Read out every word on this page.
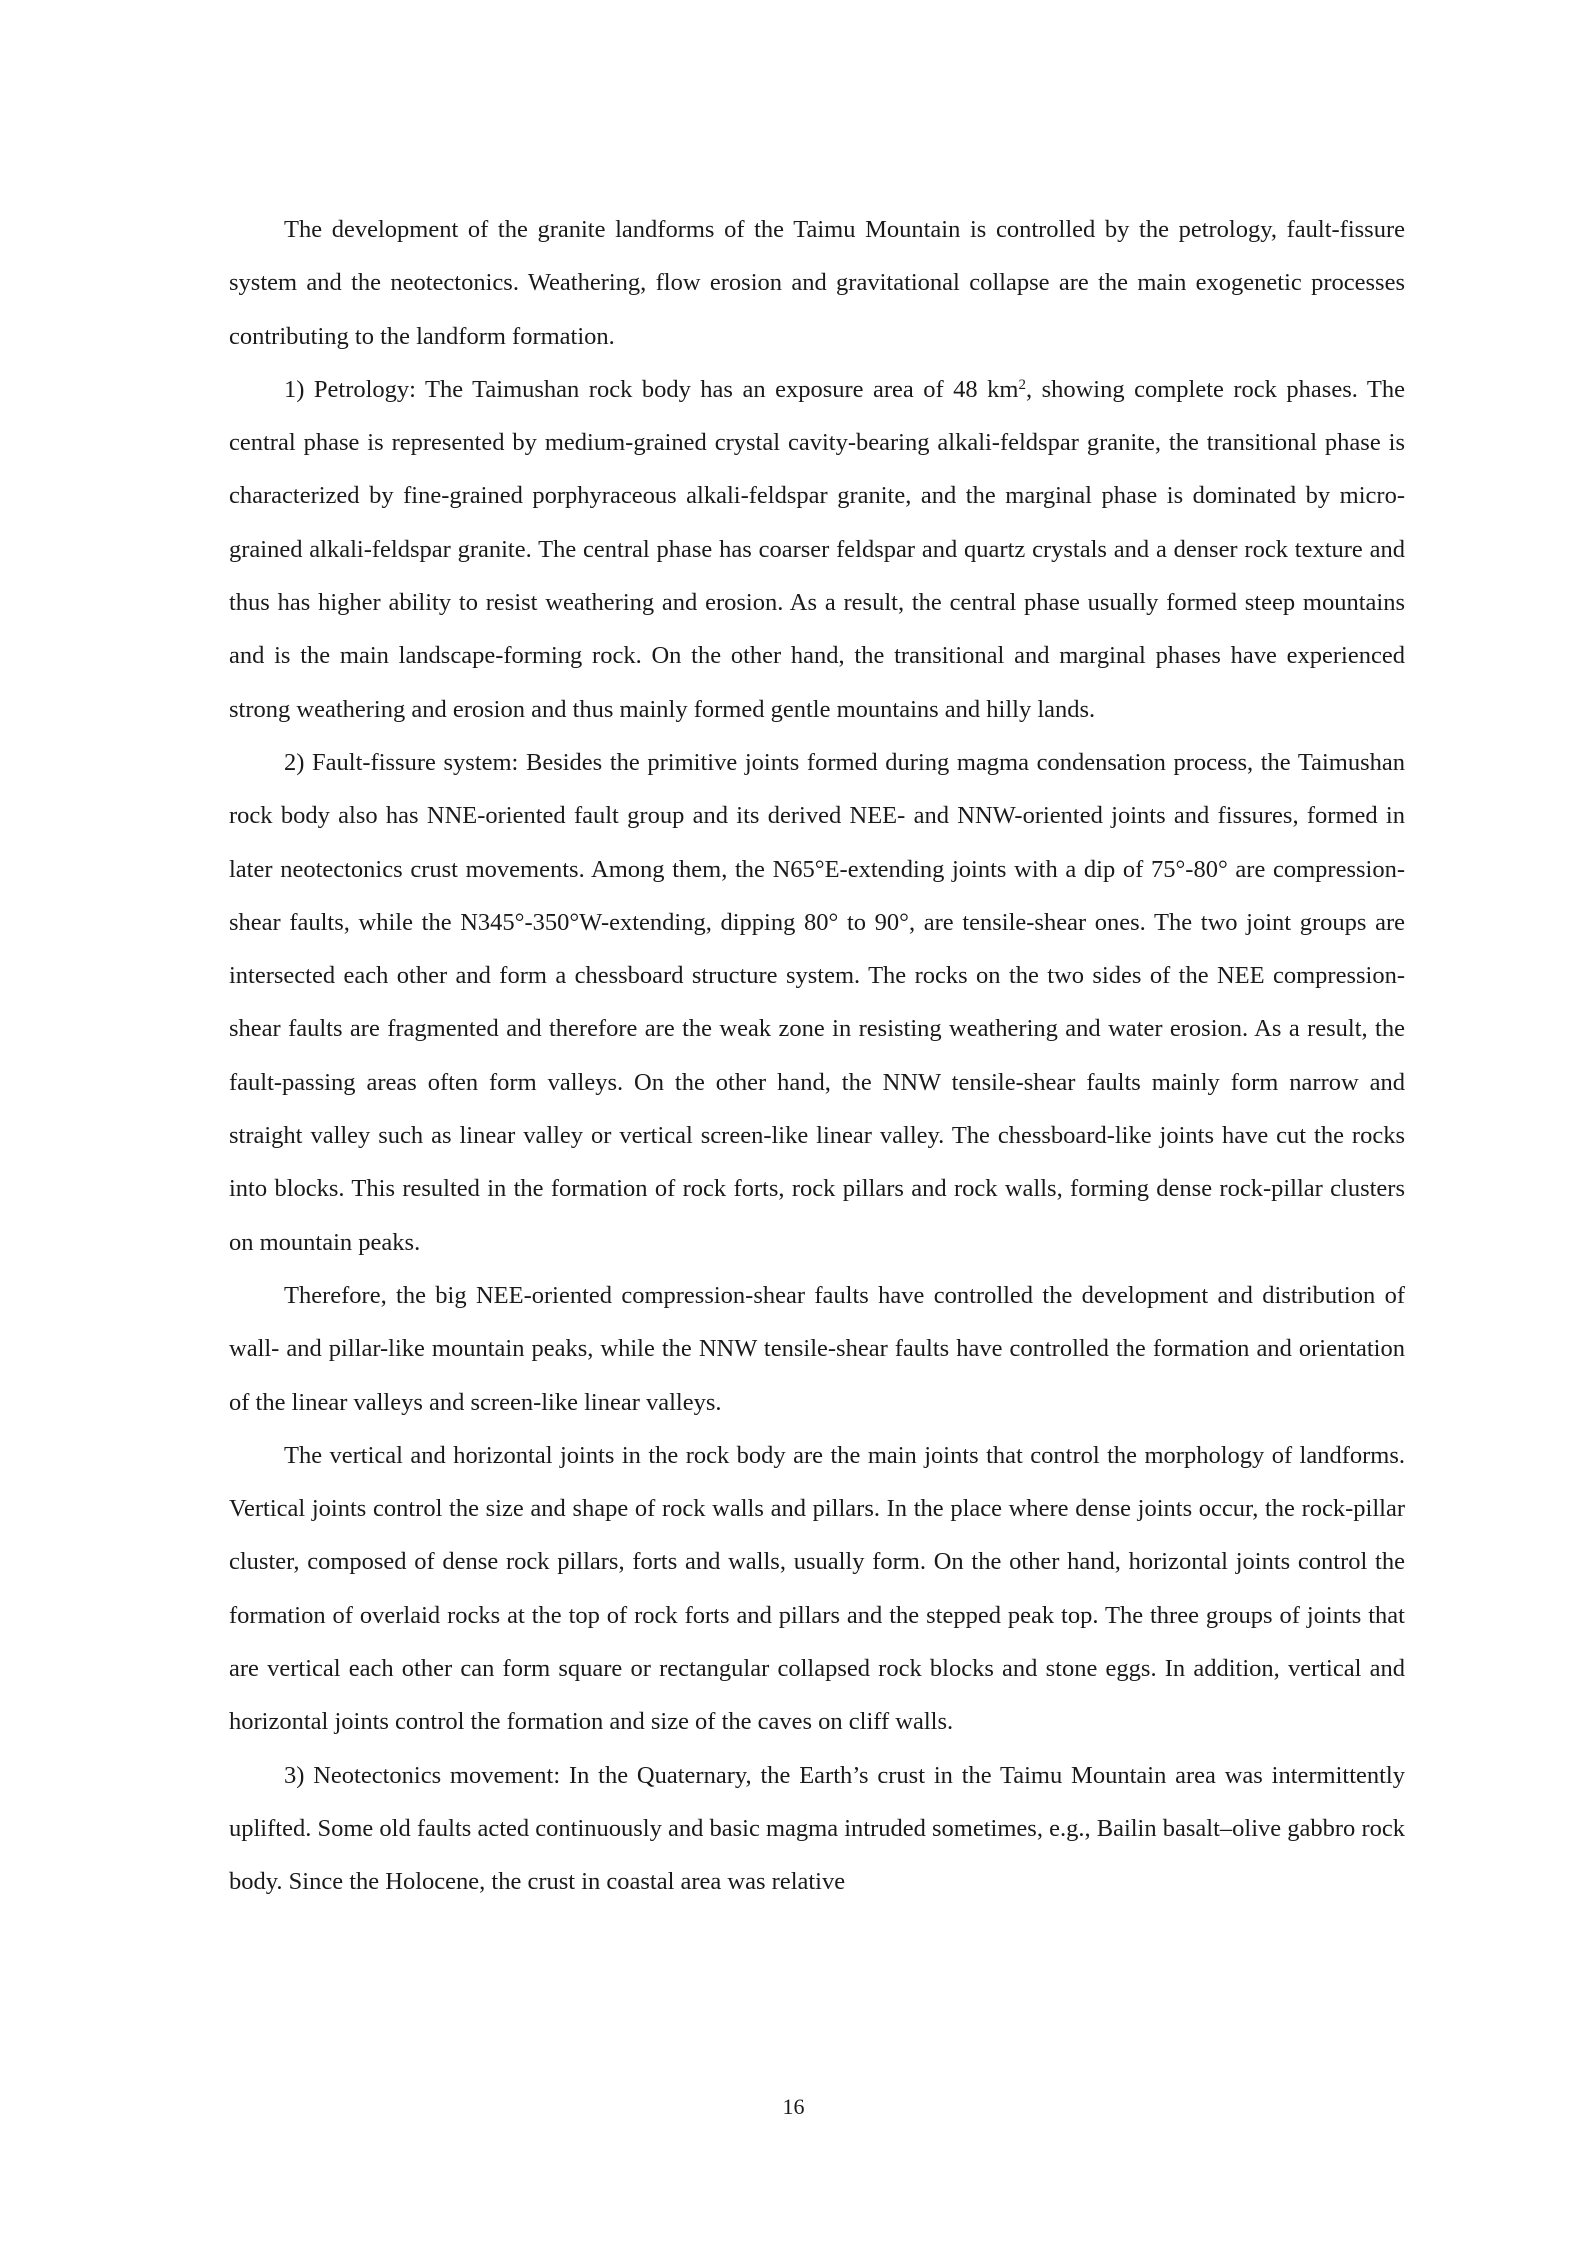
The development of the granite landforms of the Taimu Mountain is controlled by the petrology, fault-fissure system and the neotectonics. Weathering, flow erosion and gravitational collapse are the main exogenetic processes contributing to the landform formation.

1) Petrology: The Taimushan rock body has an exposure area of 48 $km^2$, showing complete rock phases. The central phase is represented by medium-grained crystal cavity-bearing alkali-feldspar granite, the transitional phase is characterized by fine-grained porphyraceous alkali-feldspar granite, and the marginal phase is dominated by micro-grained alkali-feldspar granite. The central phase has coarser feldspar and quartz crystals and a denser rock texture and thus has higher ability to resist weathering and erosion. As a result, the central phase usually formed steep mountains and is the main landscape-forming rock. On the other hand, the transitional and marginal phases have experienced strong weathering and erosion and thus mainly formed gentle mountains and hilly lands.

2) Fault-fissure system: Besides the primitive joints formed during magma condensation process, the Taimushan rock body also has NNE-oriented fault group and its derived NEE- and NNW-oriented joints and fissures, formed in later neotectonics crust movements. Among them, the N65°E-extending joints with a dip of 75°-80° are compression-shear faults, while the N345°-350°W-extending, dipping 80° to 90°, are tensile-shear ones. The two joint groups are intersected each other and form a chessboard structure system. The rocks on the two sides of the NEE compression-shear faults are fragmented and therefore are the weak zone in resisting weathering and water erosion. As a result, the fault-passing areas often form valleys. On the other hand, the NNW tensile-shear faults mainly form narrow and straight valley such as linear valley or vertical screen-like linear valley. The chessboard-like joints have cut the rocks into blocks. This resulted in the formation of rock forts, rock pillars and rock walls, forming dense rock-pillar clusters on mountain peaks.

Therefore, the big NEE-oriented compression-shear faults have controlled the development and distribution of wall- and pillar-like mountain peaks, while the NNW tensile-shear faults have controlled the formation and orientation of the linear valleys and screen-like linear valleys.

The vertical and horizontal joints in the rock body are the main joints that control the morphology of landforms. Vertical joints control the size and shape of rock walls and pillars. In the place where dense joints occur, the rock-pillar cluster, composed of dense rock pillars, forts and walls, usually form. On the other hand, horizontal joints control the formation of overlaid rocks at the top of rock forts and pillars and the stepped peak top. The three groups of joints that are vertical each other can form square or rectangular collapsed rock blocks and stone eggs. In addition, vertical and horizontal joints control the formation and size of the caves on cliff walls.

3) Neotectonics movement: In the Quaternary, the Earth’s crust in the Taimu Mountain area was intermittently uplifted. Some old faults acted continuously and basic magma intruded sometimes, e.g., Bailin basalt–olive gabbro rock body. Since the Holocene, the crust in coastal area was relative

16
